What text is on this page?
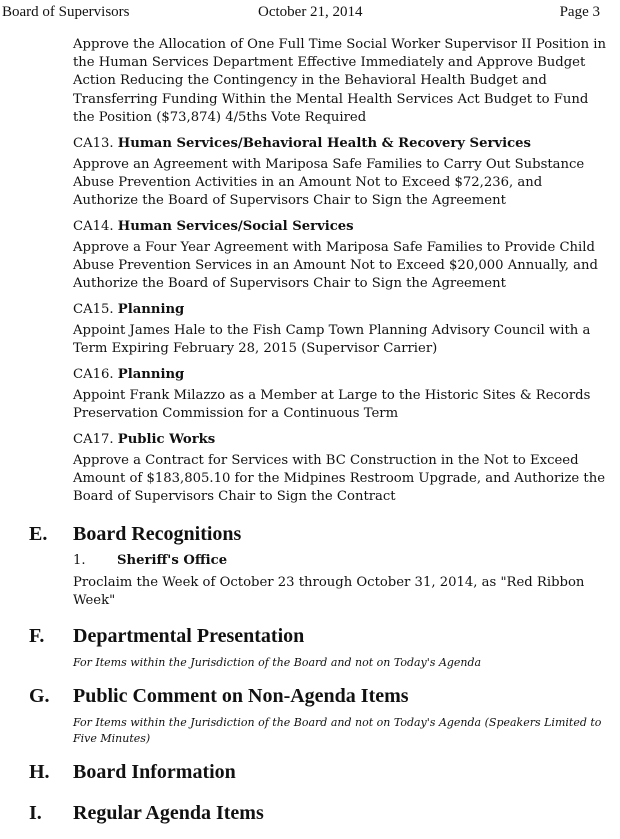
Board of Supervisors	October 21, 2014	Page 3

Approve the Allocation of One Full Time Social Worker Supervisor II Position in the Human Services Department Effective Immediately and Approve Budget Action Reducing the Contingency in the Behavioral Health Budget and Transferring Funding Within the Mental Health Services Act Budget to Fund the Position ($73,874) 4/5ths Vote Required

CA13. Human Services/Behavioral Health & Recovery Services

Approve an Agreement with Mariposa Safe Families to Carry Out Substance Abuse Prevention Activities in an Amount Not to Exceed $72,236, and Authorize the Board of Supervisors Chair to Sign the Agreement

CA14. Human Services/Social Services

Approve a Four Year Agreement with Mariposa Safe Families to Provide Child Abuse Prevention Services in an Amount Not to Exceed $20,000 Annually, and Authorize the Board of Supervisors Chair to Sign the Agreement

CA15. Planning

Appoint James Hale to the Fish Camp Town Planning Advisory Council with a Term Expiring February 28, 2015 (Supervisor Carrier)

CA16. Planning

Appoint Frank Milazzo as a Member at Large to the Historic Sites & Records Preservation Commission for a Continuous Term

CA17. Public Works

Approve a Contract for Services with BC Construction in the Not to Exceed Amount of $183,805.10 for the Midpines Restroom Upgrade, and Authorize the Board of Supervisors Chair to Sign the Contract

E. Board Recognitions
1. Sheriff's Office

Proclaim the Week of October 23 through October 31, 2014, as "Red Ribbon Week"

F. Departmental Presentation

For Items within the Jurisdiction of the Board and not on Today's Agenda

G. Public Comment on Non-Agenda Items

For Items within the Jurisdiction of the Board and not on Today's Agenda (Speakers Limited to Five Minutes)

H. Board Information
I. Regular Agenda Items
